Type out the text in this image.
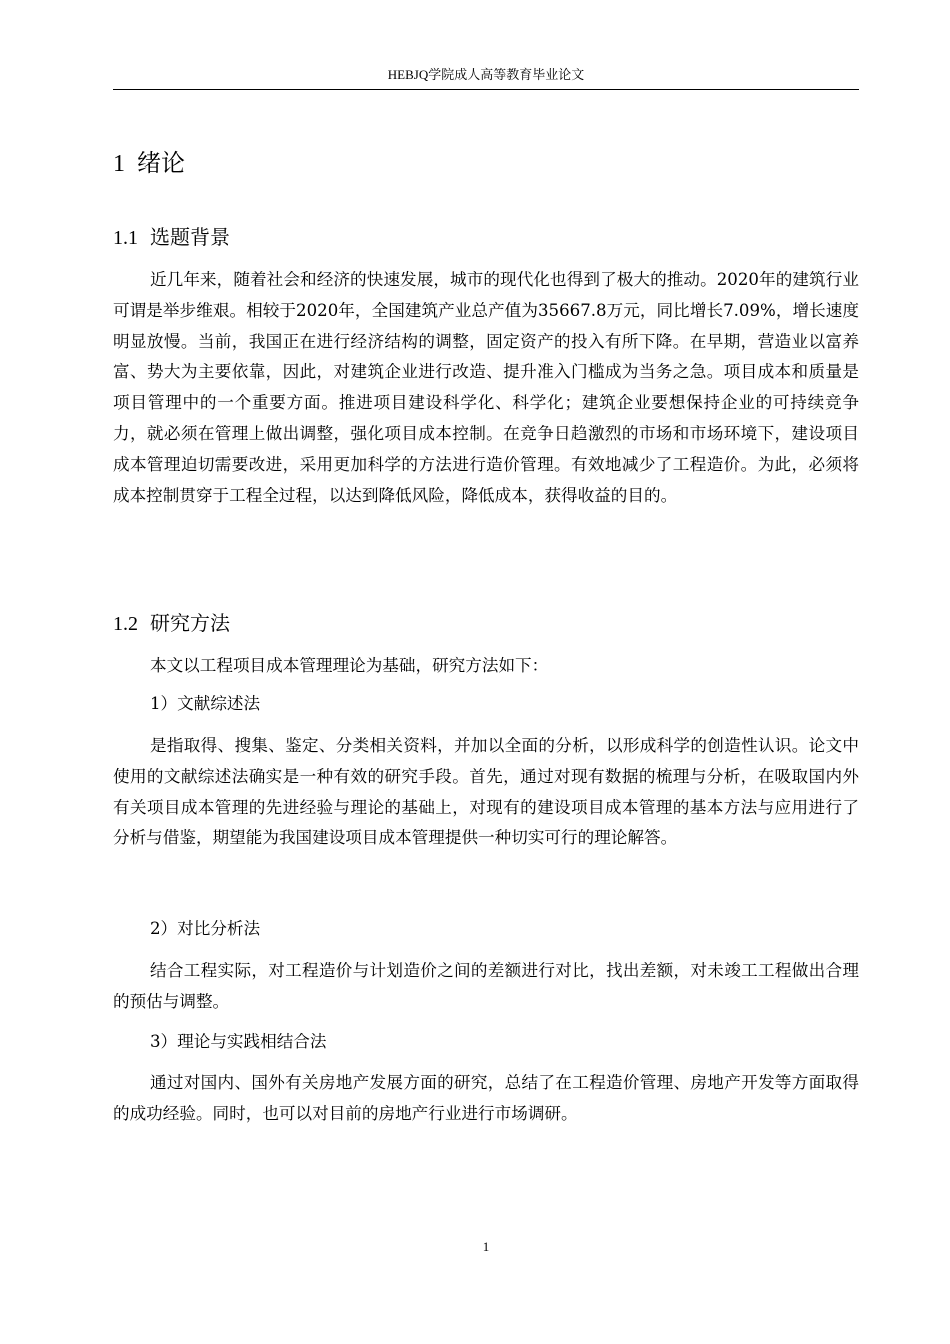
HEBJQ学院成人高等教育毕业论文
1 绪论
1.1 选题背景
近几年来，随着社会和经济的快速发展，城市的现代化也得到了极大的推动。2020年的建筑行业可谓是举步维艰。相较于2020年，全国建筑产业总产值为35667.8万元，同比增长7.09%，增长速度明显放慢。当前，我国正在进行经济结构的调整，固定资产的投入有所下降。在早期，营造业以富养富、势大为主要依靠，因此，对建筑企业进行改造、提升准入门槛成为当务之急。项目成本和质量是项目管理中的一个重要方面。推进项目建设科学化、科学化；建筑企业要想保持企业的可持续竞争力，就必须在管理上做出调整，强化项目成本控制。在竞争日趋激烈的市场和市场环境下，建设项目成本管理迫切需要改进，采用更加科学的方法进行造价管理。有效地减少了工程造价。为此，必须将成本控制贯穿于工程全过程，以达到降低风险，降低成本，获得收益的目的。
1.2 研究方法
本文以工程项目成本管理理论为基础，研究方法如下：
1）文献综述法
是指取得、搜集、鉴定、分类相关资料，并加以全面的分析，以形成科学的创造性认识。论文中使用的文献综述法确实是一种有效的研究手段。首先，通过对现有数据的梳理与分析，在吸取国内外有关项目成本管理的先进经验与理论的基础上，对现有的建设项目成本管理的基本方法与应用进行了分析与借鉴，期望能为我国建设项目成本管理提供一种切实可行的理论解答。
2）对比分析法
结合工程实际，对工程造价与计划造价之间的差额进行对比，找出差额，对未竣工工程做出合理的预估与调整。
3）理论与实践相结合法
通过对国内、国外有关房地产发展方面的研究，总结了在工程造价管理、房地产开发等方面取得的成功经验。同时，也可以对目前的房地产行业进行市场调研。
1
